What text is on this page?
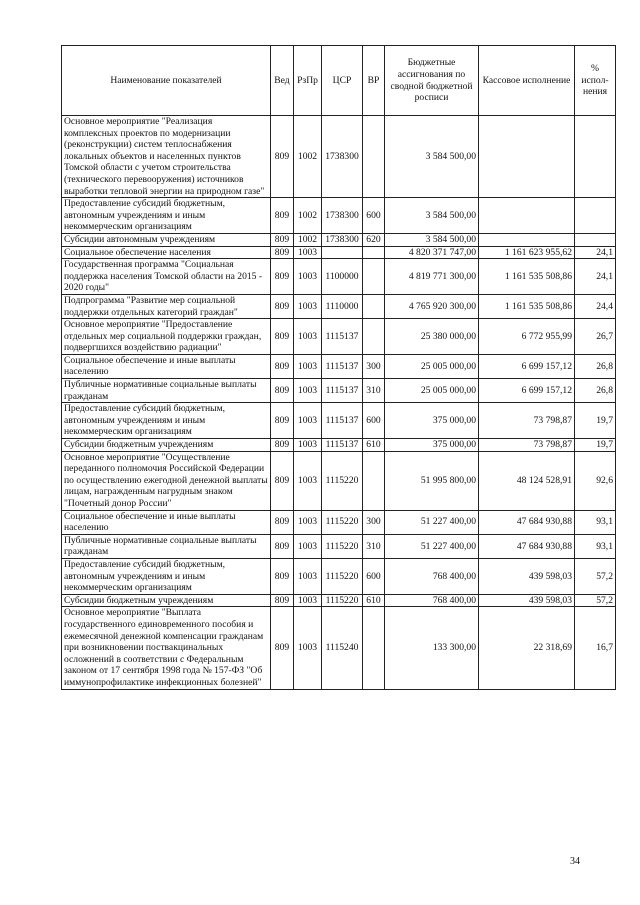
Наименование показателей	Вед	РзПр	ЦСР	ВР	Бюджетные ассигнования по сводной бюджетной росписи	Кассовое исполнение	% испол-нения
Основное мероприятие "Реализация комплексных проектов по модернизации (реконструкции) систем теплоснабжения локальных объектов и населенных пунктов Томской области с учетом строительства (технического перевооружения) источников выработки тепловой энергии на природном газе"	809	1002	1738300		3 584 500,00		
Предоставление субсидий бюджетным, автономным учреждениям и иным некоммерческим организациям	809	1002	1738300	600	3 584 500,00		
Субсидии автономным учреждениям	809	1002	1738300	620	3 584 500,00		
Социальное обеспечение населения	809	1003			4 820 371 747,00	1 161 623 955,62	24,1
Государственная программа "Социальная поддержка населения Томской области на 2015 - 2020 годы"	809	1003	1100000		4 819 771 300,00	1 161 535 508,86	24,1
Подпрограмма "Развитие мер социальной поддержки отдельных категорий граждан"	809	1003	1110000		4 765 920 300,00	1 161 535 508,86	24,4
Основное мероприятие "Предоставление отдельных мер социальной поддержки граждан, подвергшихся воздействию радиации"	809	1003	1115137		25 380 000,00	6 772 955,99	26,7
Социальное обеспечение и иные выплаты населению	809	1003	1115137	300	25 005 000,00	6 699 157,12	26,8
Публичные нормативные социальные выплаты гражданам	809	1003	1115137	310	25 005 000,00	6 699 157,12	26,8
Предоставление субсидий бюджетным, автономным учреждениям и иным некоммерческим организациям	809	1003	1115137	600	375 000,00	73 798,87	19,7
Субсидии бюджетным учреждениям	809	1003	1115137	610	375 000,00	73 798,87	19,7
Основное мероприятие "Осуществление переданного полномочия Российской Федерации по осуществлению ежегодной денежной выплаты лицам, награжденным нагрудным знаком "Почетный донор России"	809	1003	1115220		51 995 800,00	48 124 528,91	92,6
Социальное обеспечение и иные выплаты населению	809	1003	1115220	300	51 227 400,00	47 684 930,88	93,1
Публичные нормативные социальные выплаты гражданам	809	1003	1115220	310	51 227 400,00	47 684 930,88	93,1
Предоставление субсидий бюджетным, автономным учреждениям и иным некоммерческим организациям	809	1003	1115220	600	768 400,00	439 598,03	57,2
Субсидии бюджетным учреждениям	809	1003	1115220	610	768 400,00	439 598,03	57,2
Основное мероприятие "Выплата государственного единовременного пособия и ежемесячной денежной компенсации гражданам при возникновении поствакцинальных осложнений в соответствии с Федеральным законом от 17 сентября 1998 года № 157-ФЗ "Об иммунопрофилактике инфекционных болезней"	809	1003	1115240		133 300,00	22 318,69	16,7
34
